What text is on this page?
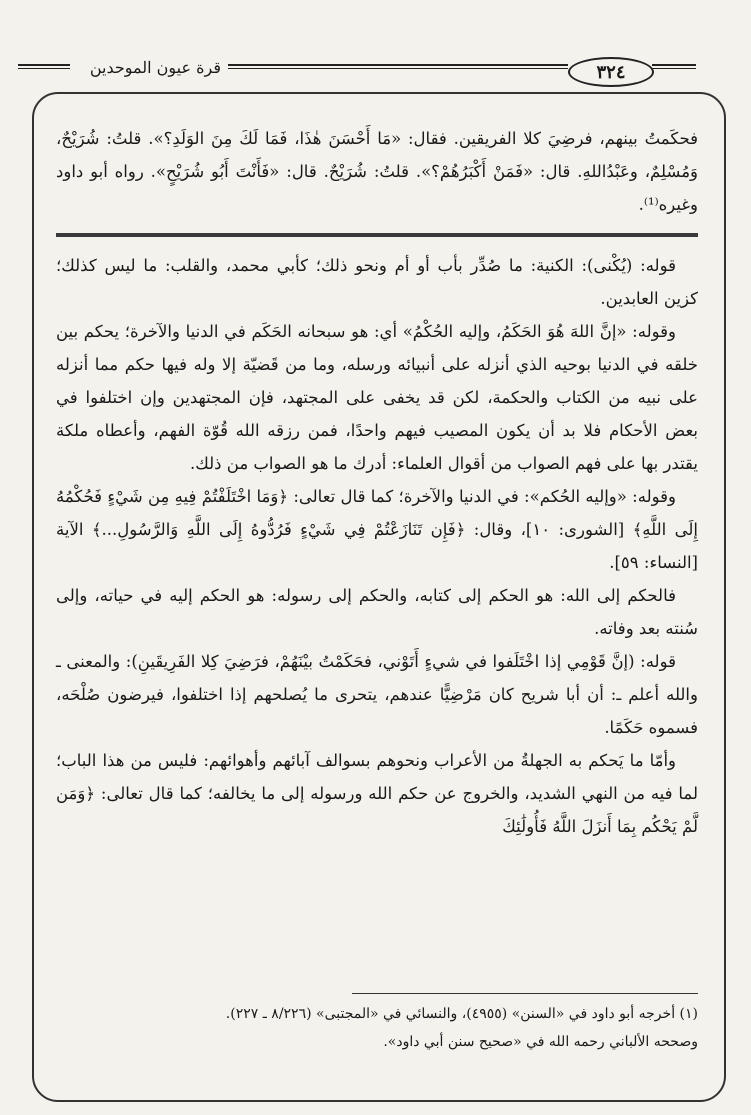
قرة عيون الموحدين	٣٢٤

فحكَمتُ بينهم، فرضِيَ كلا الفريقين. فقال: «مَا أَحْسَنَ هٰذَا، فَمَا لَكَ مِنَ الوَلَدِ؟». قلتُ: شُرَيْحٌ، وَمُسْلِمٌ، وعَبْدُاللهِ. قال: «فَمَنْ أَكْبَرُهُمْ؟». قلتُ: شُرَيْحٌ. قال: «فَأَنْتَ أَبُو شُرَيْحٍ». رواه أبو داود وغيره⁽¹⁾.

قوله: (يُكْنى): الكنية: ما صُدِّر بأب أو أم ونحو ذلك؛ كأبي محمد، والقلب: ما ليس كذلك؛ كزين العابدين.

وقوله: «إنَّ اللهَ هُوَ الحَكَمُ، وإليه الحُكْمُ» أي: هو سبحانه الحَكَم في الدنيا والآخرة؛ يحكم بين خلقه في الدنيا بوحيه الذي أنزله على أنبيائه ورسله، وما من قَضيّة إلا وله فيها حكم مما أنزله على نبيه من الكتاب والحكمة، لكن قد يخفى على المجتهد، فإن المجتهدين وإن اختلفوا في بعض الأحكام فلا بد أن يكون المصيب فيهم واحدًا، فمن رزقه الله قُوّة الفهم، وأعطاه ملكة يقتدر بها على فهم الصواب من أقوال العلماء: أدرك ما هو الصواب من ذلك.

وقوله: «وإليه الحُكم»: في الدنيا والآخرة؛ كما قال تعالى: ﴿وَمَا اخْتَلَفْتُمْ فِيهِ مِن شَيْءٍ فَحُكْمُهُ إِلَى اللَّهِ﴾ [الشورى: ١٠]، وقال: ﴿فَإِن تَنَازَعْتُمْ فِي شَيْءٍ فَرُدُّوهُ إِلَى اللَّهِ وَالرَّسُولِ...﴾ الآية [النساء: ٥٩].

فالحكم إلى الله: هو الحكم إلى كتابه، والحكم إلى رسوله: هو الحكم إليه في حياته، وإلى سُنته بعد وفاته.

قوله: (إنَّ قَوْمِي إذا اخْتَلَفوا في شيءٍ أَتَوْني، فحَكَمْتُ بيْنَهُمْ، فرَضِيَ كِلا الفَرِيقَينِ): والمعنى ـ والله أعلم ـ: أن أبا شريح كان مَرْضِيًّا عندهم، يتحرى ما يُصلحهم إذا اختلفوا، فيرضون صُلْحَه، فسموه حَكَمًا.

وأمّا ما يَحكم به الجهلةُ من الأعراب ونحوهم بسوالف آبائهم وأهوائهم: فليس من هذا الباب؛ لما فيه من النهي الشديد، والخروج عن حكم الله ورسوله إلى ما يخالفه؛ كما قال تعالى: ﴿وَمَن لَّمْ يَحْكُم بِمَا أَنزَلَ اللَّهُ فَأُولَٰئِكَ

(١) أخرجه أبو داود في «السنن» (٤٩٥٥)، والنسائي في «المجتبى» (٨/٢٢٦ ـ ٢٢٧).

وصححه الألباني رحمه الله في «صحيح سنن أبي داود».
